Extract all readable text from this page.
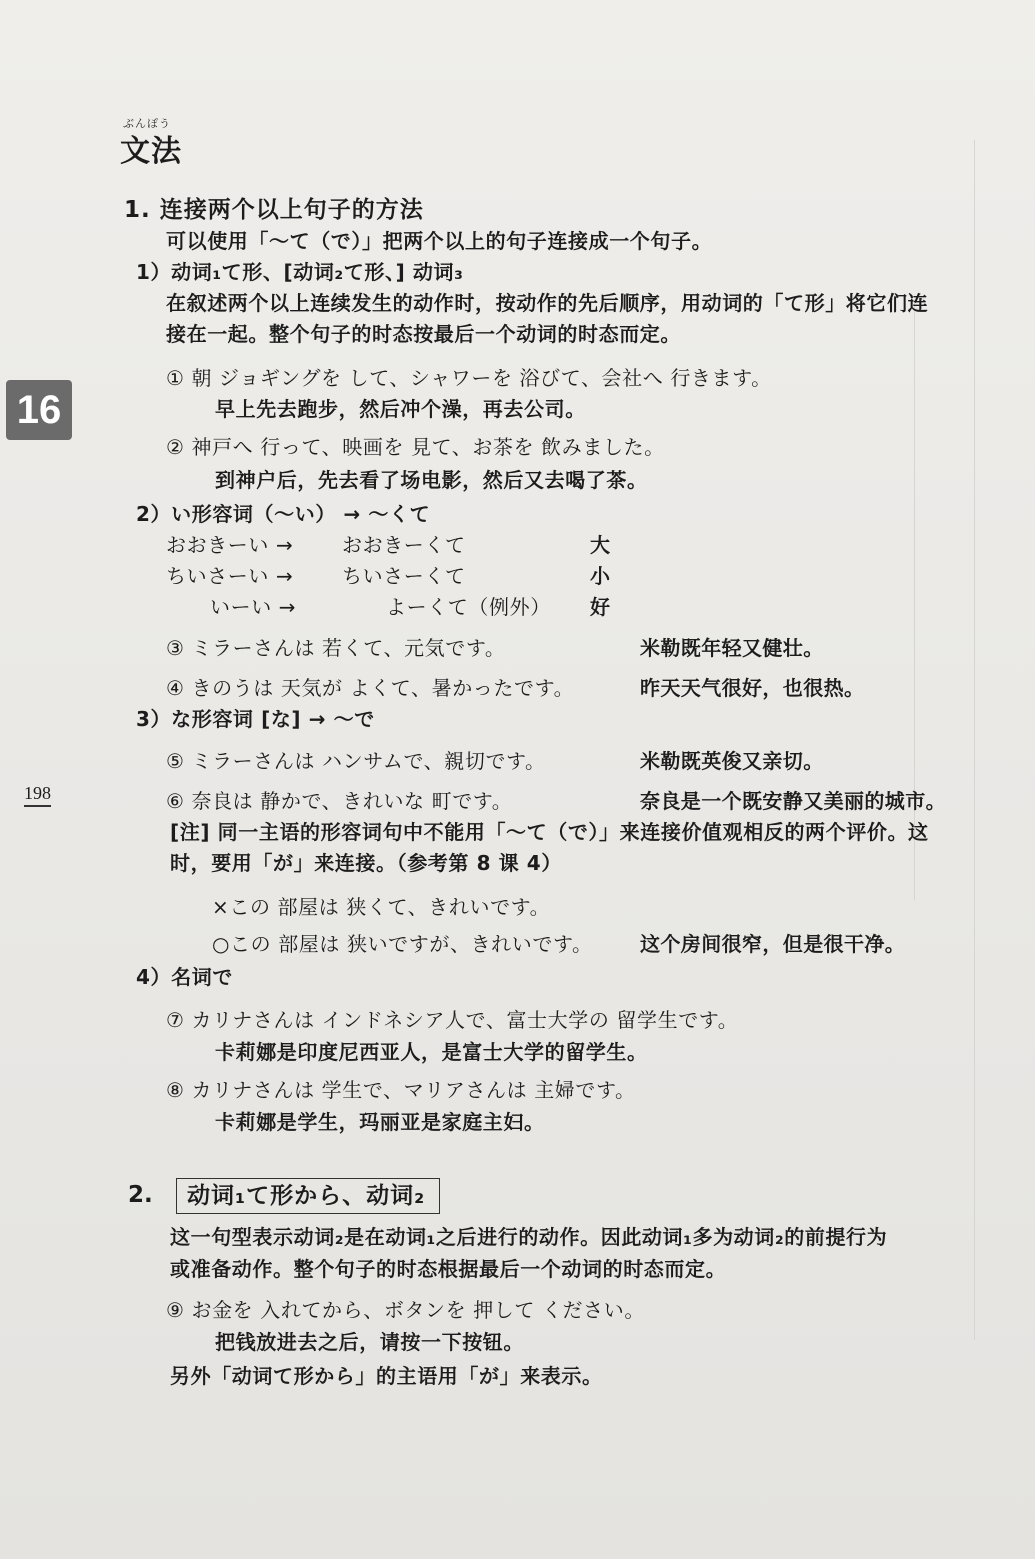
ぶんぽう
文法
16
198
1. 连接两个以上句子的方法
可以使用「～て（で）」把两个以上的句子连接成一个句子。
1）动词₁て形、[动词₂て形、] 动词₃
在叙述两个以上连续发生的动作时，按动作的先后顺序，用动词的「て形」将它们连
接在一起。整个句子的时态按最后一个动词的时态而定。
① 朝 ジョギングを して、シャワーを 浴びて、会社へ 行きます。
早上先去跑步，然后冲个澡，再去公司。
② 神戸へ 行って、映画を 見て、お茶を 飲みました。
到神户后，先去看了场电影，然后又去喝了茶。
2）い形容词（～い） → ～くて
おおきーい → おおきーくて	大
ちいさーい → ちいさーくて	小
いーい →	よーくて（例外） 好
③ ミラーさんは 若くて、元気です。	米勒既年轻又健壮。
④ きのうは 天気が よくて、暑かったです。	昨天天气很好，也很热。
3）な形容词 [な] → ～で
⑤ ミラーさんは ハンサムで、親切です。	米勒既英俊又亲切。
⑥ 奈良は 静かで、きれいな 町です。	奈良是一个既安静又美丽的城市。
[注] 同一主语的形容词句中不能用「～て（で）」来连接价值观相反的两个评价。这
时，要用「が」来连接。（参考第 8 课 4）
×この 部屋は 狭くて、きれいです。
○この 部屋は 狭いですが、きれいです。 这个房间很窄，但是很干净。
4）名词で
⑦ カリナさんは インドネシア人で、富士大学の 留学生です。
卡莉娜是印度尼西亚人，是富士大学的留学生。
⑧ カリナさんは 学生で、マリアさんは 主婦です。
卡莉娜是学生，玛丽亚是家庭主妇。
2.	动词₁て形から、动词₂
这一句型表示动词₂是在动词₁之后进行的动作。因此动词₁多为动词₂的前提行为
或准备动作。整个句子的时态根据最后一个动词的时态而定。
⑨ お金を 入れてから、ボタンを 押して ください。
把钱放进去之后，请按一下按钮。
另外「动词て形から」的主语用「が」来表示。
